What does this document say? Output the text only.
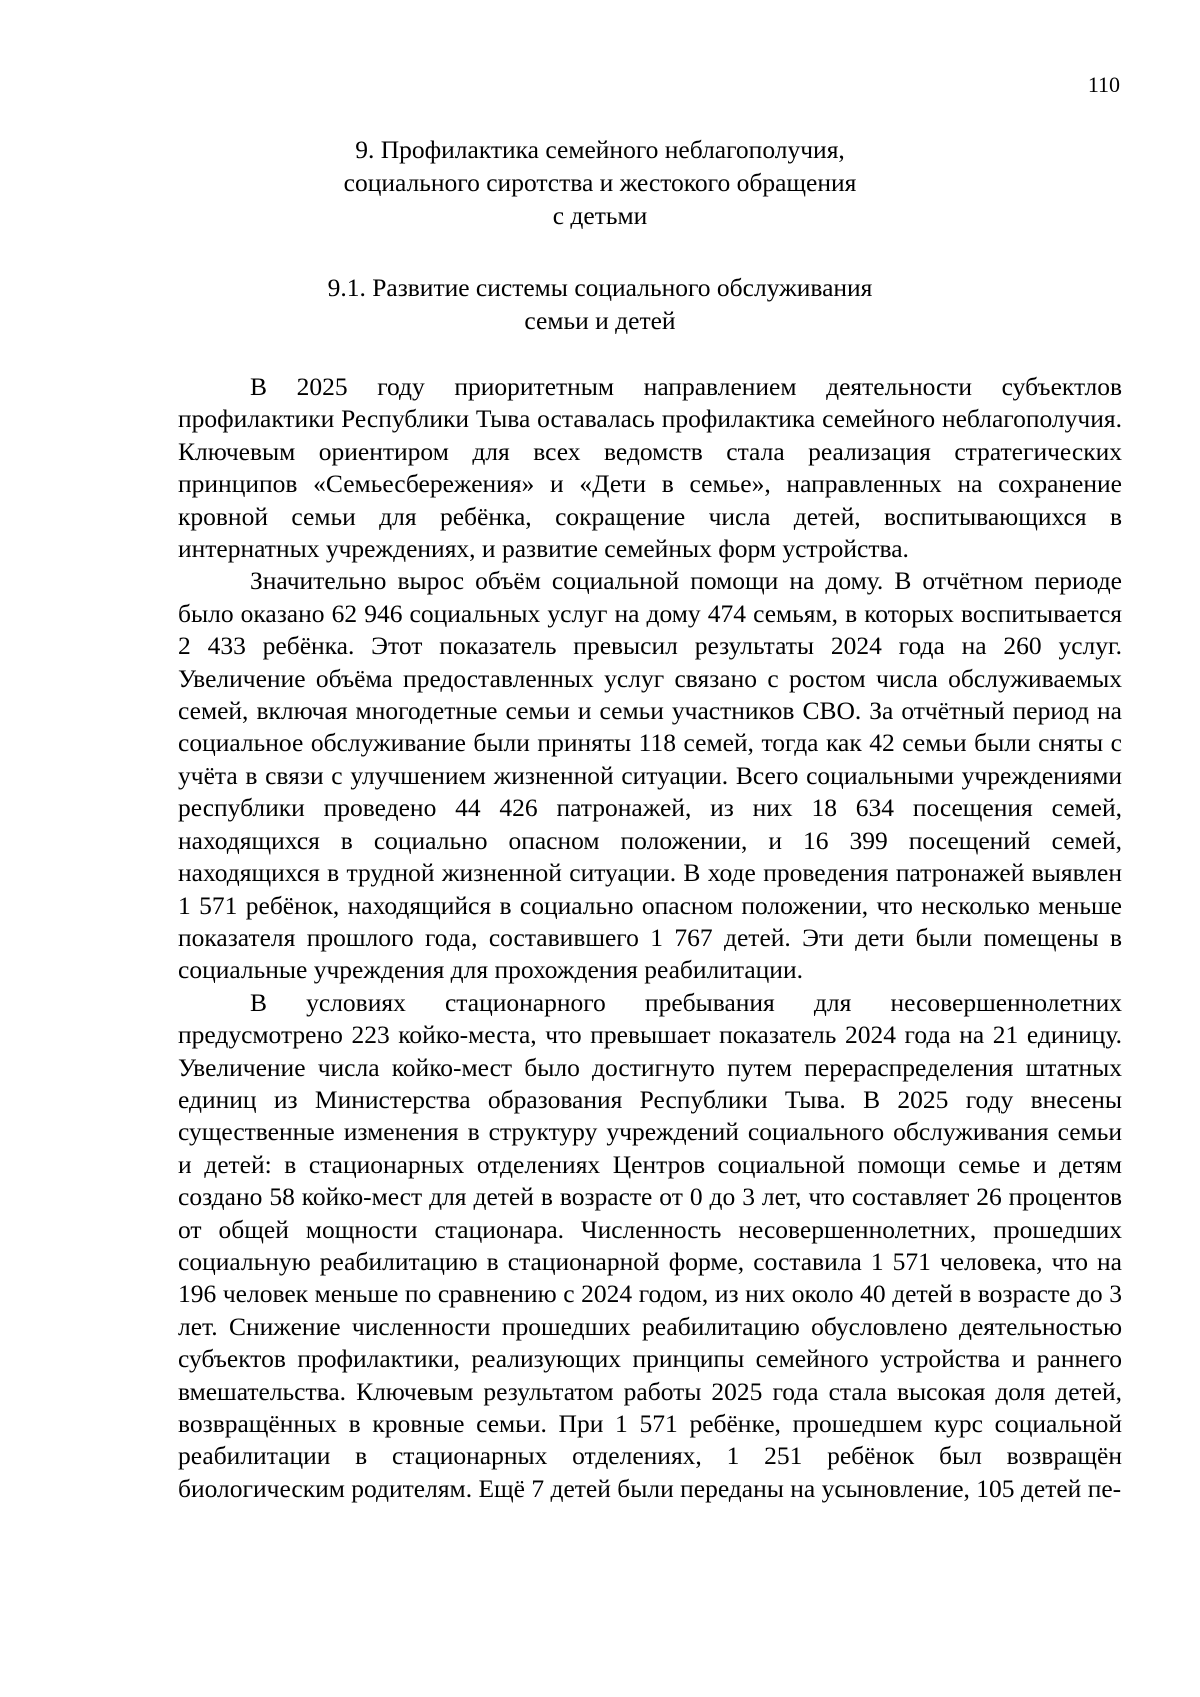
110
9. Профилактика семейного неблагополучия,
социального сиротства и жестокого обращения
с детьми
9.1. Развитие системы социального обслуживания
семьи и детей

В 2025 году приоритетным направлением деятельности субъектлов профилактики Республики Тыва оставалась профилактика семейного неблагополучия. Ключевым ориентиром для всех ведомств стала реализация стратегических принципов «Семьесбережения» и «Дети в семье», направленных на сохранение кровной семьи для ребёнка, сокращение числа детей, воспитывающихся в интернатных учреждениях, и развитие семейных форм устройства.

Значительно вырос объём социальной помощи на дому. В отчётном периоде было оказано 62 946 социальных услуг на дому 474 семьям, в которых воспитывается 2 433 ребёнка. Этот показатель превысил результаты 2024 года на 260 услуг. Увеличение объёма предоставленных услуг связано с ростом числа обслуживаемых семей, включая многодетные семьи и семьи участников СВО. За отчётный период на социальное обслуживание были приняты 118 семей, тогда как 42 семьи были сняты с учёта в связи с улучшением жизненной ситуации. Всего социальными учреждениями республики проведено 44 426 патронажей, из них 18 634 посещения семей, находящихся в социально опасном положении, и 16 399 посещений семей, находящихся в трудной жизненной ситуации. В ходе проведения патронажей выявлен 1 571 ребёнок, находящийся в социально опасном положении, что несколько меньше показателя прошлого года, составившего 1 767 детей. Эти дети были помещены в социальные учреждения для прохождения реабилитации.

В условиях стационарного пребывания для несовершеннолетних предусмотрено 223 койко-места, что превышает показатель 2024 года на 21 единицу. Увеличение числа койко-мест было достигнуто путем перераспределения штатных единиц из Министерства образования Республики Тыва. В 2025 году внесены существенные изменения в структуру учреждений социального обслуживания семьи и детей: в стационарных отделениях Центров социальной помощи семье и детям создано 58 койко-мест для детей в возрасте от 0 до 3 лет, что составляет 26 процентов от общей мощности стационара. Численность несовершеннолетних, прошедших социальную реабилитацию в стационарной форме, составила 1 571 человека, что на 196 человек меньше по сравнению с 2024 годом, из них около 40 детей в возрасте до 3 лет. Снижение численности прошедших реабилитацию обусловлено деятельностью субъектов профилактики, реализующих принципы семейного устройства и раннего вмешательства. Ключевым результатом работы 2025 года стала высокая доля детей, возвращённых в кровные семьи. При 1 571 ребёнке, прошедшем курс социальной реабилитации в стационарных отделениях, 1 251 ребёнок был возвращён биологическим родителям. Ещё 7 детей были переданы на усыновление, 105 детей пе-
